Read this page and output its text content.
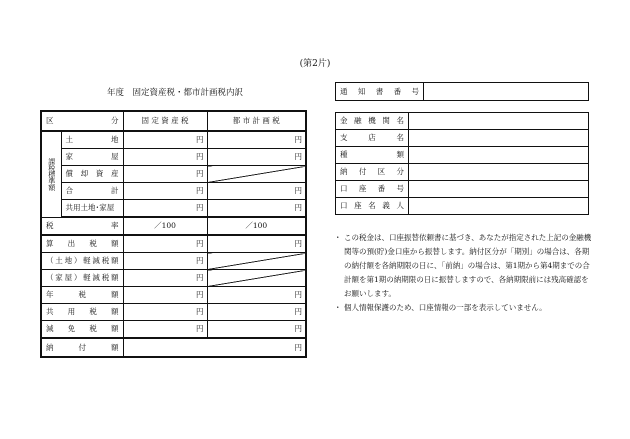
(第2片)
年度　固定資産税・都市計画税内訳
区　分		固 定 資 産 税	都 市 計 画 税
課税標準額	土　地	円	円
	家　屋	円	円
	償 却 資 産	円	
	合　計	円	円
	共用土地･家屋	円	円
税　率		／100	／100
算 出 税 額		円	円
（土地）軽減税額		円	
（家屋）軽減税額		円	
年　税　額		円	円
共 用 税 額		円	円
減 免 税 額		円	円
納　付　額		円	
通 知 書 番 号	
金 融 機 関 名	
支　店　名	
種　類	
納 付 区 分	
口 座 番 号	
口 座 名 義 人	
・ この税金は、口座振替依頼書に基づき、あなたが指定された上記の金融機関等の預(貯)金口座から振替します。納付区分が「期別」の場合は、各期の納付額を各納期限の日に、「前納」の場合は、第1期から第4期までの合計額を第1期の納期限の日に振替しますので、各納期限前には残高確認をお願いします。
・ 個人情報保護のため、口座情報の一部を表示していません。
